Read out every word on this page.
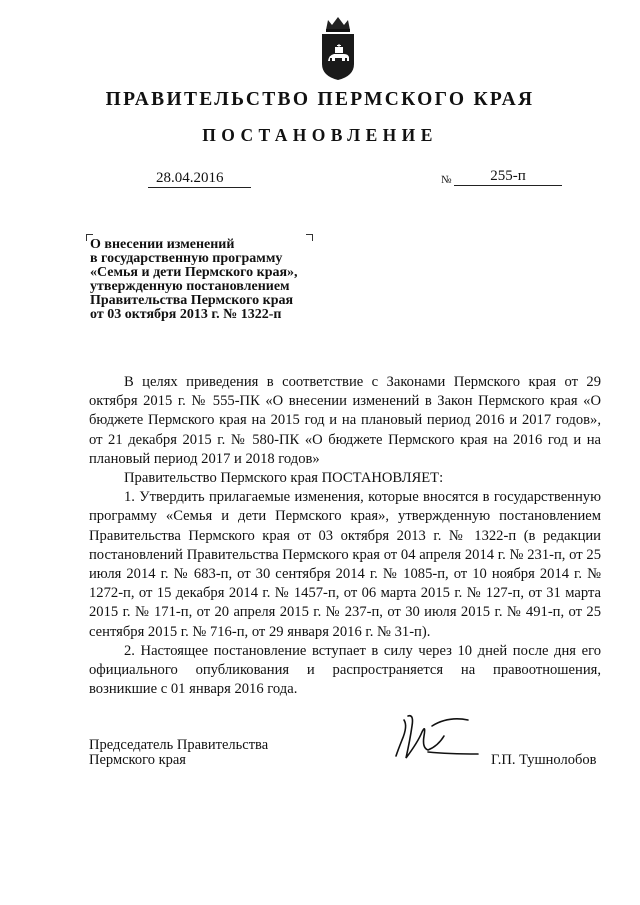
ПРАВИТЕЛЬСТВО ПЕРМСКОГО КРАЯ
ПОСТАНОВЛЕНИЕ
28.04.2016	№	255-п
О внесении изменений
в государственную программу
«Семья и дети Пермского края»,
утвержденную постановлением
Правительства Пермского края
от 03 октября 2013 г. № 1322-п

В целях приведения в соответствие с Законами Пермского края от 29 октября 2015 г. № 555-ПК «О внесении изменений в Закон Пермского края «О бюджете Пермского края на 2015 год и на плановый период 2016 и 2017 годов», от 21 декабря 2015 г. № 580-ПК «О бюджете Пермского края на 2016 год и на плановый период 2017 и 2018 годов»

Правительство Пермского края ПОСТАНОВЛЯЕТ:

1. Утвердить прилагаемые изменения, которые вносятся в государственную программу «Семья и дети Пермского края», утвержденную постановлением Правительства Пермского края от 03 октября 2013 г. № 1322-п (в редакции постановлений Правительства Пермского края от 04 апреля 2014 г. № 231-п, от 25 июля 2014 г. № 683-п, от 30 сентября 2014 г. № 1085-п, от 10 ноября 2014 г. № 1272-п, от 15 декабря 2014 г. № 1457-п, от 06 марта 2015 г. № 127-п, от 31 марта 2015 г. № 171-п, от 20 апреля 2015 г. № 237-п, от 30 июля 2015 г. № 491-п, от 25 сентября 2015 г. № 716-п, от 29 января 2016 г. № 31-п).

2. Настоящее постановление вступает в силу через 10 дней после дня его официального опубликования и распространяется на правоотношения, возникшие с 01 января 2016 года.

Председатель Правительства
Пермского края	Г.П. Тушнолобов
